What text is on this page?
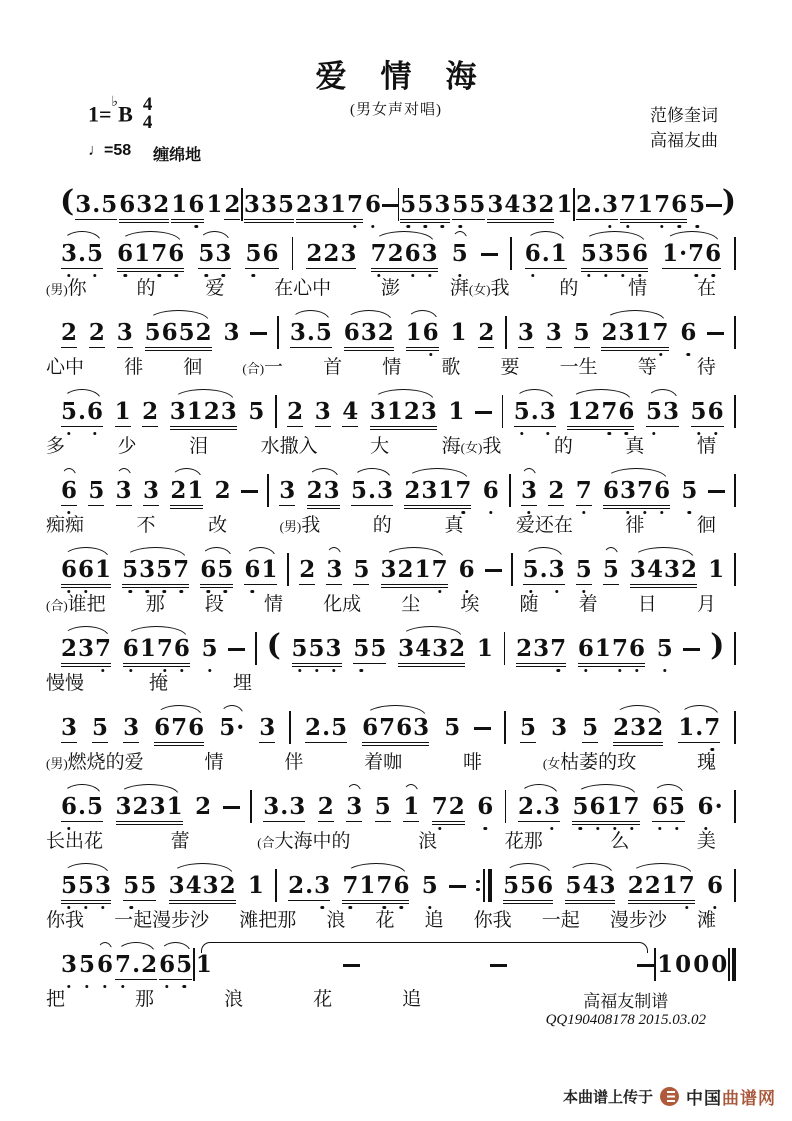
爱情海
(男女声对唱)
1=♭B 4
4
♩=58 缠绵地
范修奎词
高福友曲
( 3 . 5 6 3 2 1 6 1 2 3 3 5 2 3 1 7 6 5 5 3 5 5 3 4 3 2 1 2 . 3 7 1 7 6 5 )
3 . 5 6 1 7 6 5 3 5 6 2 2 3 7 2 6 3 5 6 . 1 5 3 5 6 1 · 7 6
(男)你	的	爱	在心中	澎	湃(女)我	的	情	在
2 2 3 5 6 5 2 3 3 . 5 6 3 2 1 6 1 2 3 3 5 2 3 1 7 6
心中 徘 徊	(合)一 首 情 歌 要 一生 等 待
5 . 6 1 2 3 1 2 3 5 2 3 4 3 1 2 3 1 5 . 3 1 2 7 6 5 3 5 6
多	少	泪	水撒入	大	海(女)我	的	真	情
6 5 3 3 2 1 2 3 2 3 5 . 3 2 3 1 7 6 3 2 7 6 3 7 6 5
痴痴	不	改	(男)我	的	真	爱还在	徘	徊
6 6 1 5 3 5 7 6 5 6 1 2 3 5 3 2 1 7 6 5 . 3 5 5 3 4 3 2 1
(合)谁把 那 段 情 化成 尘 埃 随 着 日 月
2 3 7 6 1 7 6 5 ( 5 5 3 5 5 3 4 3 2 1 2 3 7 6 1 7 6 5 )
慢慢	掩	埋
3 5 3 6 7 6 5 · 3 2 . 5 6 7 6 3 5	5 3 5 2 3 2 1 . 7
(男)燃烧的爱	情	伴	着咖	啡	(女枯萎的玫	瑰
6 . 5 3 2 3 1 2 3 . 3 2 3 5 1 7 2 6 2 . 3 5 6 1 7 6 5 6 ·
长出花	蕾	(合大海中的	浪	花那	么	美
5 5 3 5 5 3 4 3 2 1 2 . 3 7 1 7 6 5	5 5 6 5 4 3 2 2 1 7 6
你我 一起漫步沙 滩把那 浪 花 追 你我 一起 漫步沙 滩
3 5 6 7 . 2 6 5 1	1 0 0 0
把	那	浪	花	追	高福友制谱
QQ190408178 2015.03.02
本曲谱上传于 中国曲谱网
